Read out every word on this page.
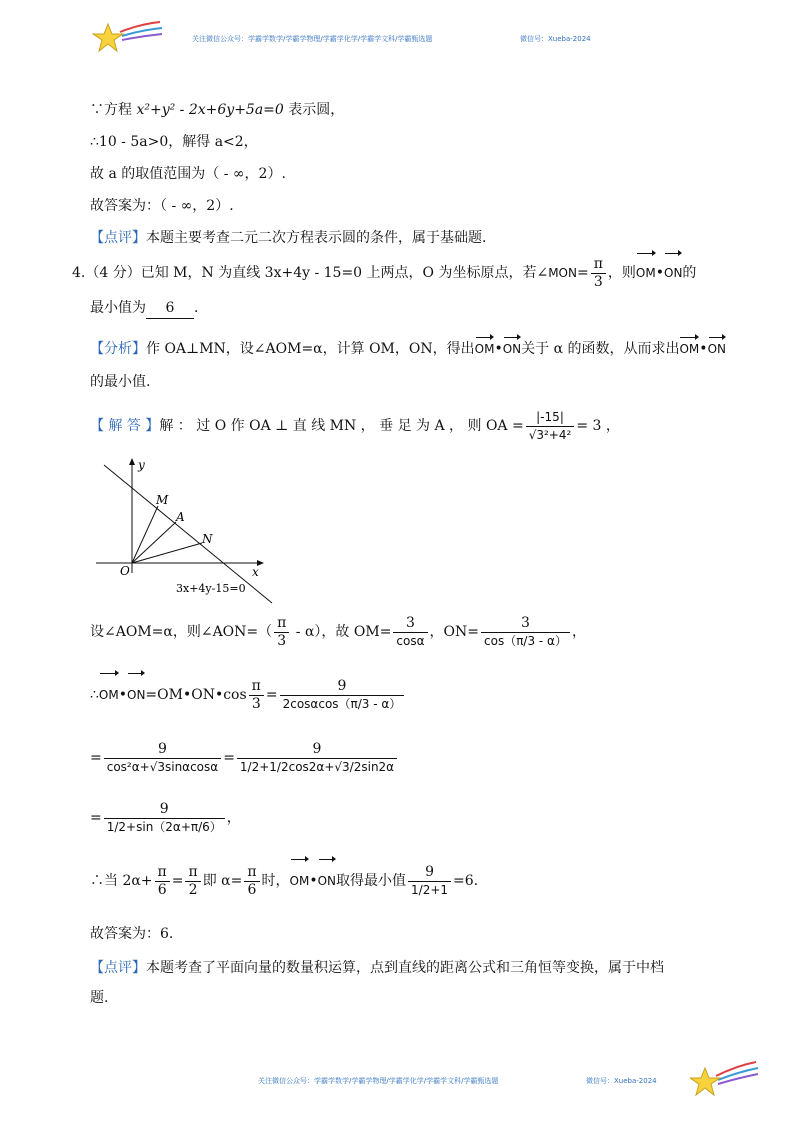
关注微信公众号：学霸学数学/学霸学物理/学霸学化学/学霸学文科/学霸甄选题	微信号：Xueba-2024
∵方程 x²+y² - 2x+6y+5a=0 表示圆，
∴10 - 5a>0，解得 a<2，
故 a 的取值范围为（ - ∞，2）.
故答案为：（ - ∞，2）.
【点评】本题主要考查二元二次方程表示圆的条件，属于基础题.
4.（4 分）已知 M，N 为直线 3x+4y - 15=0 上两点，O 为坐标原点，若∠MON= $\frac{\pi}{3}$ ，则OM•ON的
最小值为 6 .
【分析】作 OA⊥MN，设∠AOM=α，计算 OM，ON，得出OM•ON关于 α 的函数，从而求出OM•ON
的最小值.
【 解 答 】解 ： 过 O 作 OA ⊥ 直 线 MN ， 垂 足 为 A ， 则 OA = $\frac{|-15|}{\text{√3²+4²}} = 3$ ，
y
x
O
M
A
N
3x+4y-15=0
设∠AOM=α，则∠AON=（ $\frac{\pi}{3} - \alpha$），故 $OM= \frac{3}{\cos\alpha}$ ，$ON= \frac{3}{\cos(\pi/3 - \alpha)}$ ，
∴OM•ON=OM•ON•cos $\frac{\pi}{3} = \frac{9}{2\cos\alpha\cos(\pi/3 - \alpha)}$
= $\frac{9}{\text{cos²α+√3sinαcosα}} = \frac{9}{1/2+1/2\cos 2\alpha+√3/2\sin 2\alpha}$
= $\frac{9}{1/2+\sin(2\alpha+\pi/6)}$ ，
∴当 $2\alpha+ \frac{\pi}{6} = \frac{\pi}{2}$ 即 $\alpha= \frac{\pi}{6}$ 时，OM•ON取得最小值 $\frac{9}{1/2+1} =6$.
故答案为：6.
【点评】本题考查了平面向量的数量积运算，点到直线的距离公式和三角恒等变换，属于中档
题.
关注微信公众号：学霸学数学/学霸学物理/学霸学化学/学霸学文科/学霸甄选题	微信号：Xueba-2024
